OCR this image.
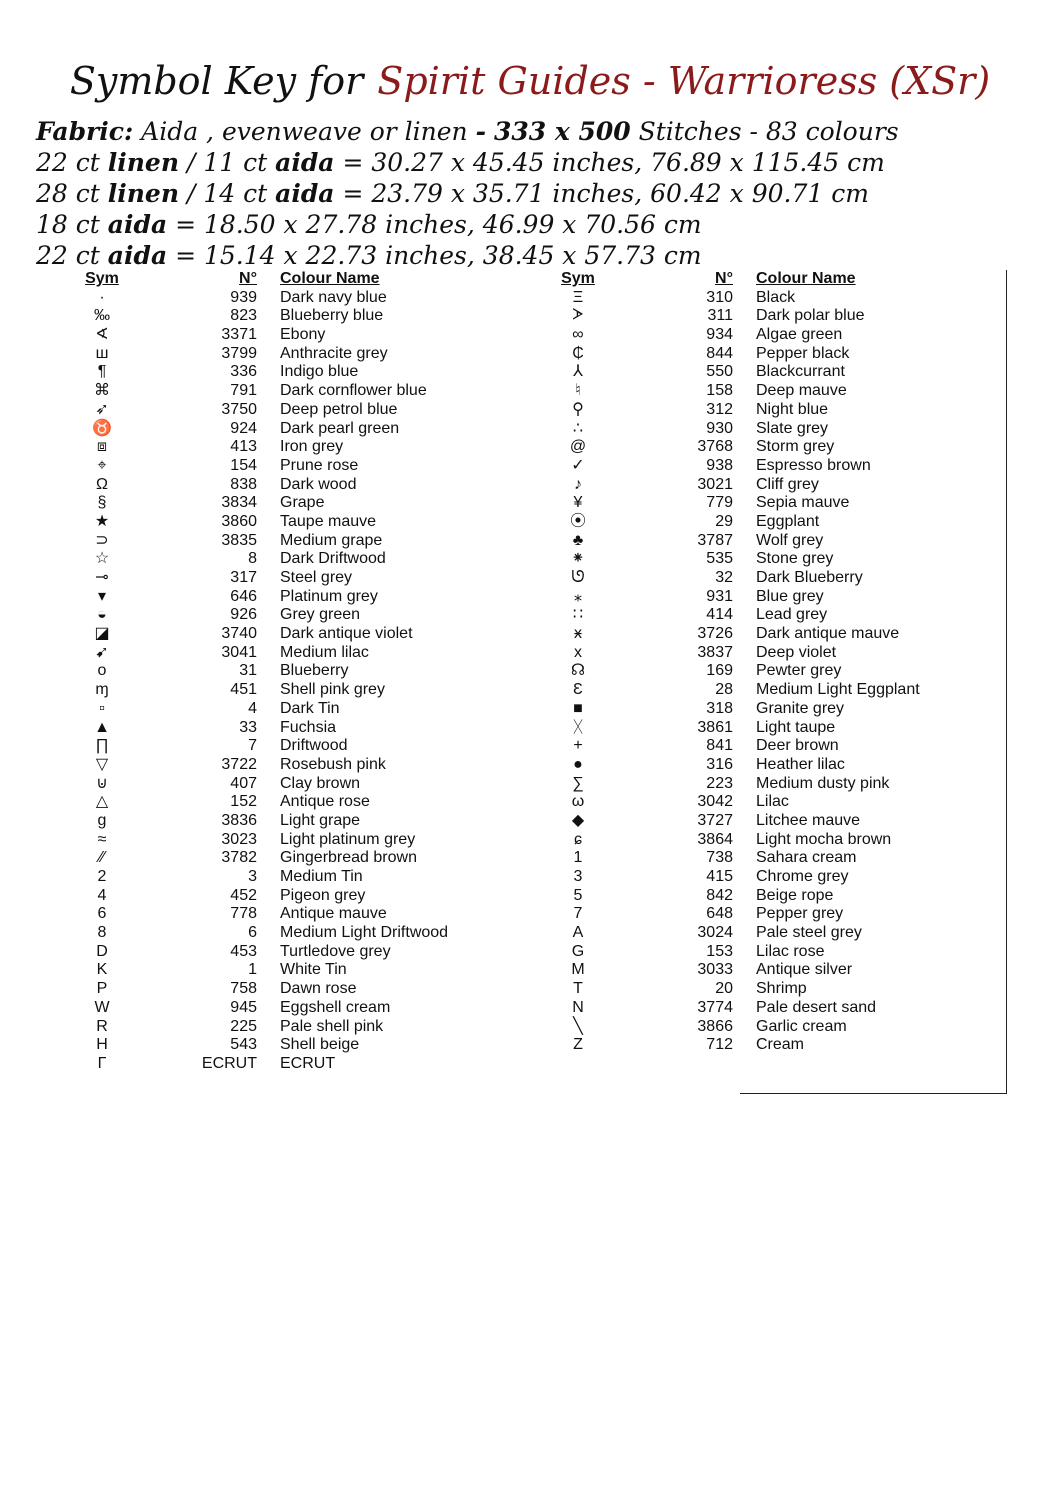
Symbol Key for Spirit Guides - Warrioress (XSr)
Fabric: Aida , evenweave or linen - 333 x 500 Stitches - 83 colours
22 ct linen / 11 ct aida = 30.27 x 45.45 inches, 76.89 x 115.45 cm
28 ct linen / 14 ct aida = 23.79 x 35.71 inches, 60.42 x 90.71 cm
18 ct aida = 18.50 x 27.78 inches, 46.99 x 70.56 cm
22 ct aida = 15.14 x 22.73 inches, 38.45 x 57.73 cm
Sym	N° Colour Name
·	939 Dark navy blue
‰	823 Blueberry blue
∢	3371 Ebony
ш	3799 Anthracite grey
¶	336 Indigo blue
⌘	791 Dark cornflower blue
➶	3750 Deep petrol blue
♉	924 Dark pearl green
⧈	413 Iron grey
⌖	154 Prune rose
Ω	838 Dark wood
§	3834 Grape
★	3860 Taupe mauve
⊃	3835 Medium grape
☆	8 Dark Driftwood
⊸	317 Steel grey
▾	646 Platinum grey
◒	926 Grey green
◪	3740 Dark antique violet
➹	3041 Medium lilac
o	31 Blueberry
ɱ	451 Shell pink grey
▫	4 Dark Tin
▲	33 Fuchsia
∏	7 Driftwood
▽	3722 Rosebush pink
⊍	407 Clay brown
△	152 Antique rose
g	3836 Light grape
≈	3023 Light platinum grey
⁄⁄	3782 Gingerbread brown
2	3 Medium Tin
4	452 Pigeon grey
6	778 Antique mauve
8	6 Medium Light Driftwood
D	453 Turtledove grey
K	1 White Tin
P	758 Dawn rose
W	945 Eggshell cream
R	225 Pale shell pink
H	543 Shell beige
Γ	ECRUT ECRUT
Sym	N° Colour Name
Ξ	310 Black
ᗆ	311 Dark polar blue
∞	934 Algae green
₵	844 Pepper black
⅄	550 Blackcurrant
♮	158 Deep mauve
⚲	312 Night blue
∴	930 Slate grey
@	3768 Storm grey
✓	938 Espresso brown
♪	3021 Cliff grey
¥	779 Sepia mauve
⦿	29 Eggplant
♣	3787 Wolf grey
⁕	535 Stone grey
ᘎ	32 Dark Blueberry
⁎	931 Blue grey
∷	414 Lead grey
ӿ	3726 Dark antique mauve
x	3837 Deep violet
☊	169 Pewter grey
Ɛ	28 Medium Light Eggplant
■	318 Granite grey
ᚷ	3861 Light taupe
+	841 Deer brown
●	316 Heather lilac
∑	223 Medium dusty pink
ω	3042 Lilac
◆	3727 Litchee mauve
ɕ	3864 Light mocha brown
1	738 Sahara cream
3	415 Chrome grey
5	842 Beige rope
7	648 Pepper grey
A	3024 Pale steel grey
G	153 Lilac rose
M	3033 Antique silver
T	20 Shrimp
N	3774 Pale desert sand
╲	3866 Garlic cream
Z	712 Cream
